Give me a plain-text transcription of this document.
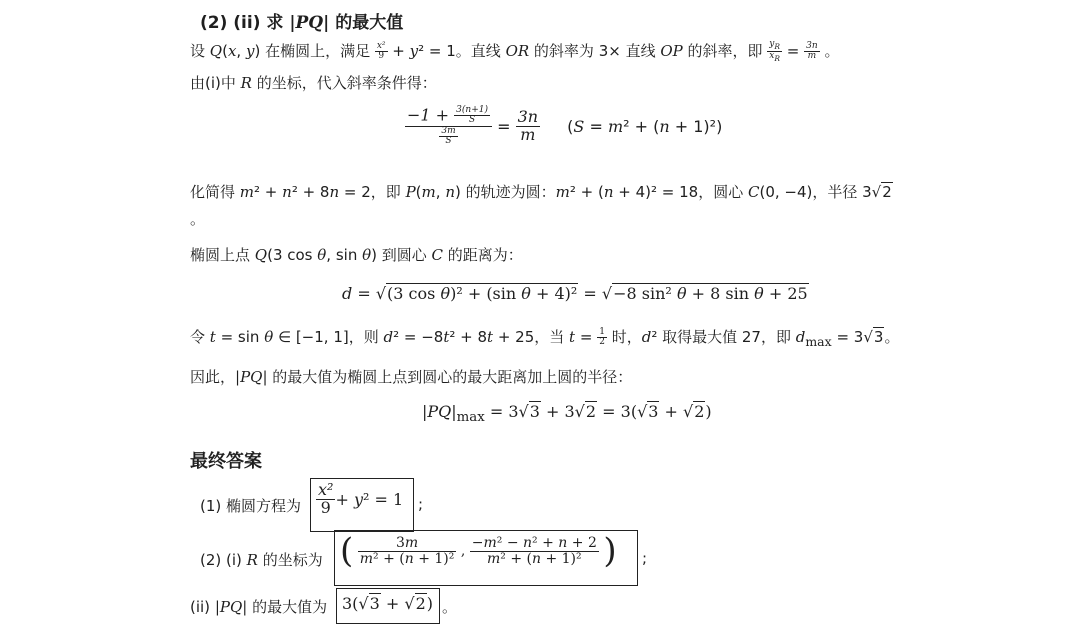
(2) (ii) 求 |PQ| 的最大值
设 Q(x, y) 在椭圆上，满足 $\frac{\text{x²}}{9} + y^2 = 1$。直线 OR 的斜率为 3× 直线 OP 的斜率，即 $\frac{y_R}{x_R} = \frac{3n}{m}$ 。
由(i)中 R 的坐标，代入斜率条件得：
$\frac{-1 + \frac{3(n+1)}{S}}{\frac{3m}{S}} = \frac{3n}{m} (S = m^2 + (n + 1)^2)$
化简得 m² + n² + 8n = 2，即 P(m, n) 的轨迹为圆：m² + (n + 4)² = 18，圆心 C(0, −4)，半径 3√2
。
椭圆上点 Q(3 cos θ, sin θ) 到圆心 C 的距离为：
d = √(3 cos θ)² + (sin θ + 4)² = √−8 sin² θ + 8 sin θ + 25
令 t = sin θ ∈ [−1, 1]，则 d² = −8t² + 8t + 25，当 $t = \frac{1}{2}$ 时，d² 取得最大值 27，即 $d_{max} = 3√3$。
因此，|PQ| 的最大值为椭圆上点到圆心的最大距离加上圆的半径：
$|PQ|_{max} = 3√3 + 3√2 = 3(√3 + √2)$
最终答案
(1) 椭圆方程为 $\frac{\text{x²}}{9} + y^2 = 1$ ;
(2) (i) R 的坐标为 ( $\frac{3m}{\text{m² + (n + 1)²}}$ , $\frac{\text{−m² − n² + n + 2}}{\text{m² + (n + 1)²}}$ ) ;
(ii) |PQ| 的最大值为 3(√3 + √2) 。
